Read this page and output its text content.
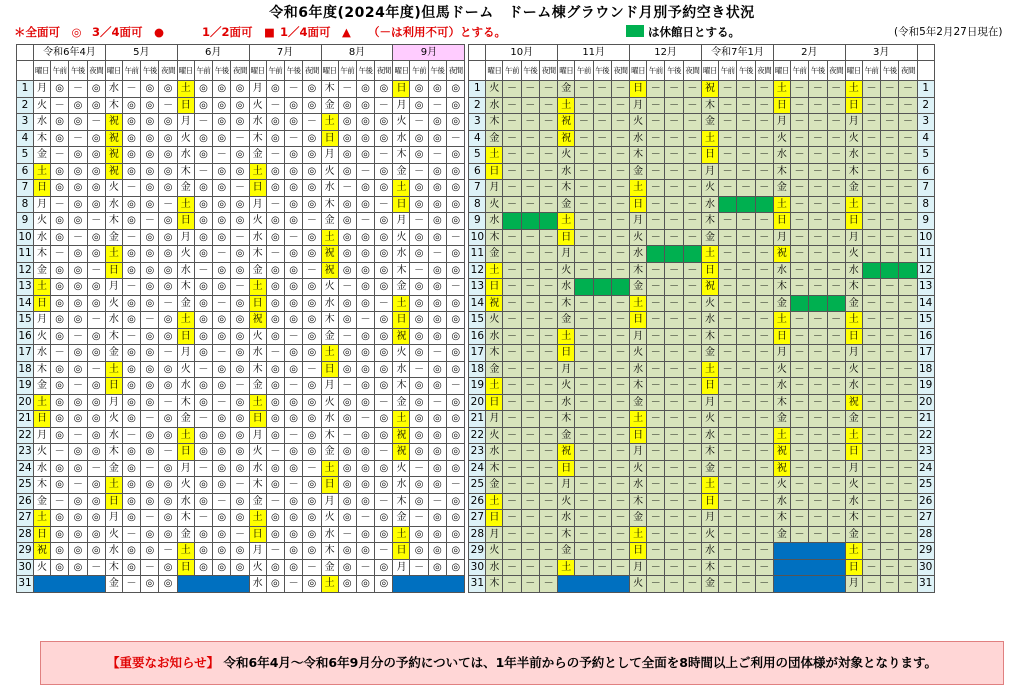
令和6年度(2024年度)但馬ドーム　ドーム棟グラウンド月別予約空き状況
＊全面可　◎ 3／4面可　●	1／2面可　■ 1／4面可　▲ （－は利用不可）とする。	は休館日とする。	(令和5年2月27日現在)
	令和6年4月				5月				6月				7月				8月				9月						10月				11月				12月				令和7年1月				2月				3月				
	曜日	午前	午後	夜間	曜日	午前	午後	夜間	曜日	午前	午後	夜間	曜日	午前	午後	夜間	曜日	午前	午後	夜間	曜日	午前	午後	夜間			曜日	午前	午後	夜間	曜日	午前	午後	夜間	曜日	午前	午後	夜間	曜日	午前	午後	夜間	曜日	午前	午後	夜間	曜日	午前	午後	夜間	
1	月	◎	－	◎	水	－	◎	◎	土	◎	◎	◎	月	◎	－	◎	木	－	◎	◎	日	◎	◎	◎		1	火	－	－	－	金	－	－	－	日	－	－	－	祝	－	－	－	土	－	－	－	土	－	－	－	1
2	火	－	◎	◎	木	◎	◎	－	日	◎	◎	◎	火	－	◎	◎	金	◎	◎	－	月	◎	－	◎		2	水	－	－	－	土	－	－	－	月	－	－	－	木	－	－	－	日	－	－	－	日	－	－	－	2
3	水	◎	◎	－	祝	◎	◎	◎	月	－	◎	◎	水	◎	◎	－	土	◎	◎	◎	火	－	◎	◎		3	木	－	－	－	祝	－	－	－	火	－	－	－	金	－	－	－	月	－	－	－	月	－	－	－	3
4	木	◎	－	◎	祝	◎	◎	◎	火	◎	◎	－	木	◎	－	◎	日	◎	◎	◎	水	◎	◎	－		4	金	－	－	－	祝	－	－	－	水	－	－	－	土	－	－	－	火	－	－	－	火	－	－	－	4
5	金	－	◎	◎	祝	◎	◎	◎	水	◎	－	◎	金	－	◎	◎	月	◎	◎	－	木	◎	－	◎		5	土	－	－	－	火	－	－	－	木	－	－	－	日	－	－	－	水	－	－	－	水	－	－	－	5
6	土	◎	◎	◎	祝	◎	◎	◎	木	－	◎	◎	土	◎	◎	◎	火	◎	－	◎	金	－	◎	◎		6	日	－	－	－	水	－	－	－	金	－	－	－	月	－	－	－	木	－	－	－	木	－	－	－	6
7	日	◎	◎	◎	火	－	◎	◎	金	◎	◎	－	日	◎	◎	◎	水	－	◎	◎	土	◎	◎	◎		7	月	－	－	－	木	－	－	－	土	－	－	－	火	－	－	－	金	－	－	－	金	－	－	－	7
8	月	－	◎	◎	水	◎	◎	－	土	◎	◎	◎	月	－	◎	◎	木	◎	◎	－	日	◎	◎	◎		8	火	－	－	－	金	－	－	－	日	－	－	－	水				土	－	－	－	土	－	－	－	8
9	火	◎	◎	－	木	◎	－	◎	日	◎	◎	◎	火	◎	◎	－	金	◎	－	◎	月	－	◎	◎		9	水				土	－	－	－	月	－	－	－	木	－	－	－	日	－	－	－	日	－	－	－	9
10	水	◎	－	◎	金	－	◎	◎	月	◎	◎	－	水	◎	－	◎	土	◎	◎	◎	火	◎	◎	－		10	木	－	－	－	日	－	－	－	火	－	－	－	金	－	－	－	月	－	－	－	月	－	－	－	10
11	木	－	◎	◎	土	◎	◎	◎	火	◎	－	◎	木	－	◎	◎	祝	◎	◎	◎	水	◎	－	◎		11	金	－	－	－	月	－	－	－	水				土	－	－	－	祝	－	－	－	火	－	－	－	11
12	金	◎	◎	－	日	◎	◎	◎	水	－	◎	◎	金	◎	◎	－	祝	◎	◎	◎	木	－	◎	◎		12	土	－	－	－	火	－	－	－	木	－	－	－	日	－	－	－	水	－	－	－	水				12
13	土	◎	◎	◎	月	－	◎	◎	木	◎	◎	－	土	◎	◎	◎	火	－	◎	◎	金	◎	◎	－		13	日	－	－	－	水				金	－	－	－	祝	－	－	－	木	－	－	－	木	－	－	－	13
14	日	◎	◎	◎	火	◎	◎	－	金	◎	－	◎	日	◎	◎	◎	水	◎	◎	－	土	◎	◎	◎		14	祝	－	－	－	木	－	－	－	土	－	－	－	火	－	－	－	金				金	－	－	－	14
15	月	◎	◎	－	水	◎	－	◎	土	◎	◎	◎	祝	◎	◎	◎	木	◎	－	◎	日	◎	◎	◎		15	火	－	－	－	金	－	－	－	日	－	－	－	水	－	－	－	土	－	－	－	土	－	－	－	15
16	火	◎	－	◎	木	－	◎	◎	日	◎	◎	◎	火	◎	－	◎	金	－	◎	◎	祝	◎	◎	◎		16	水	－	－	－	土	－	－	－	月	－	－	－	木	－	－	－	日	－	－	－	日	－	－	－	16
17	水	－	◎	◎	金	◎	◎	－	月	◎	－	◎	水	－	◎	◎	土	◎	◎	◎	火	◎	－	◎		17	木	－	－	－	日	－	－	－	火	－	－	－	金	－	－	－	月	－	－	－	月	－	－	－	17
18	木	◎	◎	－	土	◎	◎	◎	火	－	◎	◎	木	◎	◎	－	日	◎	◎	◎	水	－	◎	◎		18	金	－	－	－	月	－	－	－	水	－	－	－	土	－	－	－	火	－	－	－	火	－	－	－	18
19	金	◎	－	◎	日	◎	◎	◎	水	◎	◎	－	金	◎	－	◎	月	－	◎	◎	木	◎	◎	－		19	土	－	－	－	火	－	－	－	木	－	－	－	日	－	－	－	水	－	－	－	水	－	－	－	19
20	土	◎	◎	◎	月	◎	◎	－	木	◎	－	◎	土	◎	◎	◎	火	◎	◎	－	金	◎	－	◎		20	日	－	－	－	水	－	－	－	金	－	－	－	月	－	－	－	木	－	－	－	祝	－	－	－	20
21	日	◎	◎	◎	火	◎	－	◎	金	－	◎	◎	日	◎	◎	◎	水	◎	－	◎	土	◎	◎	◎		21	月	－	－	－	木	－	－	－	土	－	－	－	火	－	－	－	金	－	－	－	金	－	－	－	21
22	月	◎	－	◎	水	－	◎	◎	土	◎	◎	◎	月	◎	－	◎	木	－	◎	◎	祝	◎	◎	◎		22	火	－	－	－	金	－	－	－	日	－	－	－	水	－	－	－	土	－	－	－	土	－	－	－	22
23	火	－	◎	◎	木	◎	◎	－	日	◎	◎	◎	火	－	◎	◎	金	◎	◎	－	祝	◎	◎	◎		23	水	－	－	－	祝	－	－	－	月	－	－	－	木	－	－	－	祝	－	－	－	日	－	－	－	23
24	水	◎	◎	－	金	◎	－	◎	月	－	◎	◎	水	◎	◎	－	土	◎	◎	◎	火	－	◎	◎		24	木	－	－	－	日	－	－	－	火	－	－	－	金	－	－	－	祝	－	－	－	月	－	－	－	24
25	木	◎	－	◎	土	◎	◎	◎	火	◎	◎	－	木	◎	－	◎	日	◎	◎	◎	水	◎	◎	－		25	金	－	－	－	月	－	－	－	水	－	－	－	土	－	－	－	火	－	－	－	火	－	－	－	25
26	金	－	◎	◎	日	◎	◎	◎	水	◎	－	◎	金	－	◎	◎	月	◎	◎	－	木	◎	－	◎		26	土	－	－	－	火	－	－	－	木	－	－	－	日	－	－	－	水	－	－	－	水	－	－	－	26
27	土	◎	◎	◎	月	◎	－	◎	木	－	◎	◎	土	◎	◎	◎	火	◎	－	◎	金	－	◎	◎		27	日	－	－	－	水	－	－	－	金	－	－	－	月	－	－	－	木	－	－	－	木	－	－	－	27
28	日	◎	◎	◎	火	－	◎	◎	金	◎	◎	－	日	◎	◎	◎	水	－	◎	◎	土	◎	◎	◎		28	月	－	－	－	木	－	－	－	土	－	－	－	火	－	－	－	金	－	－	－	金	－	－	－	28
29	祝	◎	◎	◎	水	◎	◎	－	土	◎	◎	◎	月	－	◎	◎	木	◎	◎	－	日	◎	◎	◎		29	火	－	－	－	金	－	－	－	日	－	－	－	水	－	－	－					土	－	－	－	29
30	火	◎	◎	－	木	◎	－	◎	日	◎	◎	◎	火	◎	◎	－	金	◎	－	◎	月	－	◎	◎		30	水	－	－	－	土	－	－	－	月	－	－	－	木	－	－	－					日	－	－	－	30
31					金	－	◎	◎					水	◎	－	◎	土	◎	◎	◎						31	木	－	－	－					火	－	－	－	金	－	－	－					月	－	－	－	31
【重要なお知らせ】 令和6年4月～令和6年9月分の予約については、1年半前からの予約として全面を8時間以上ご利用の団体様が対象となります。
